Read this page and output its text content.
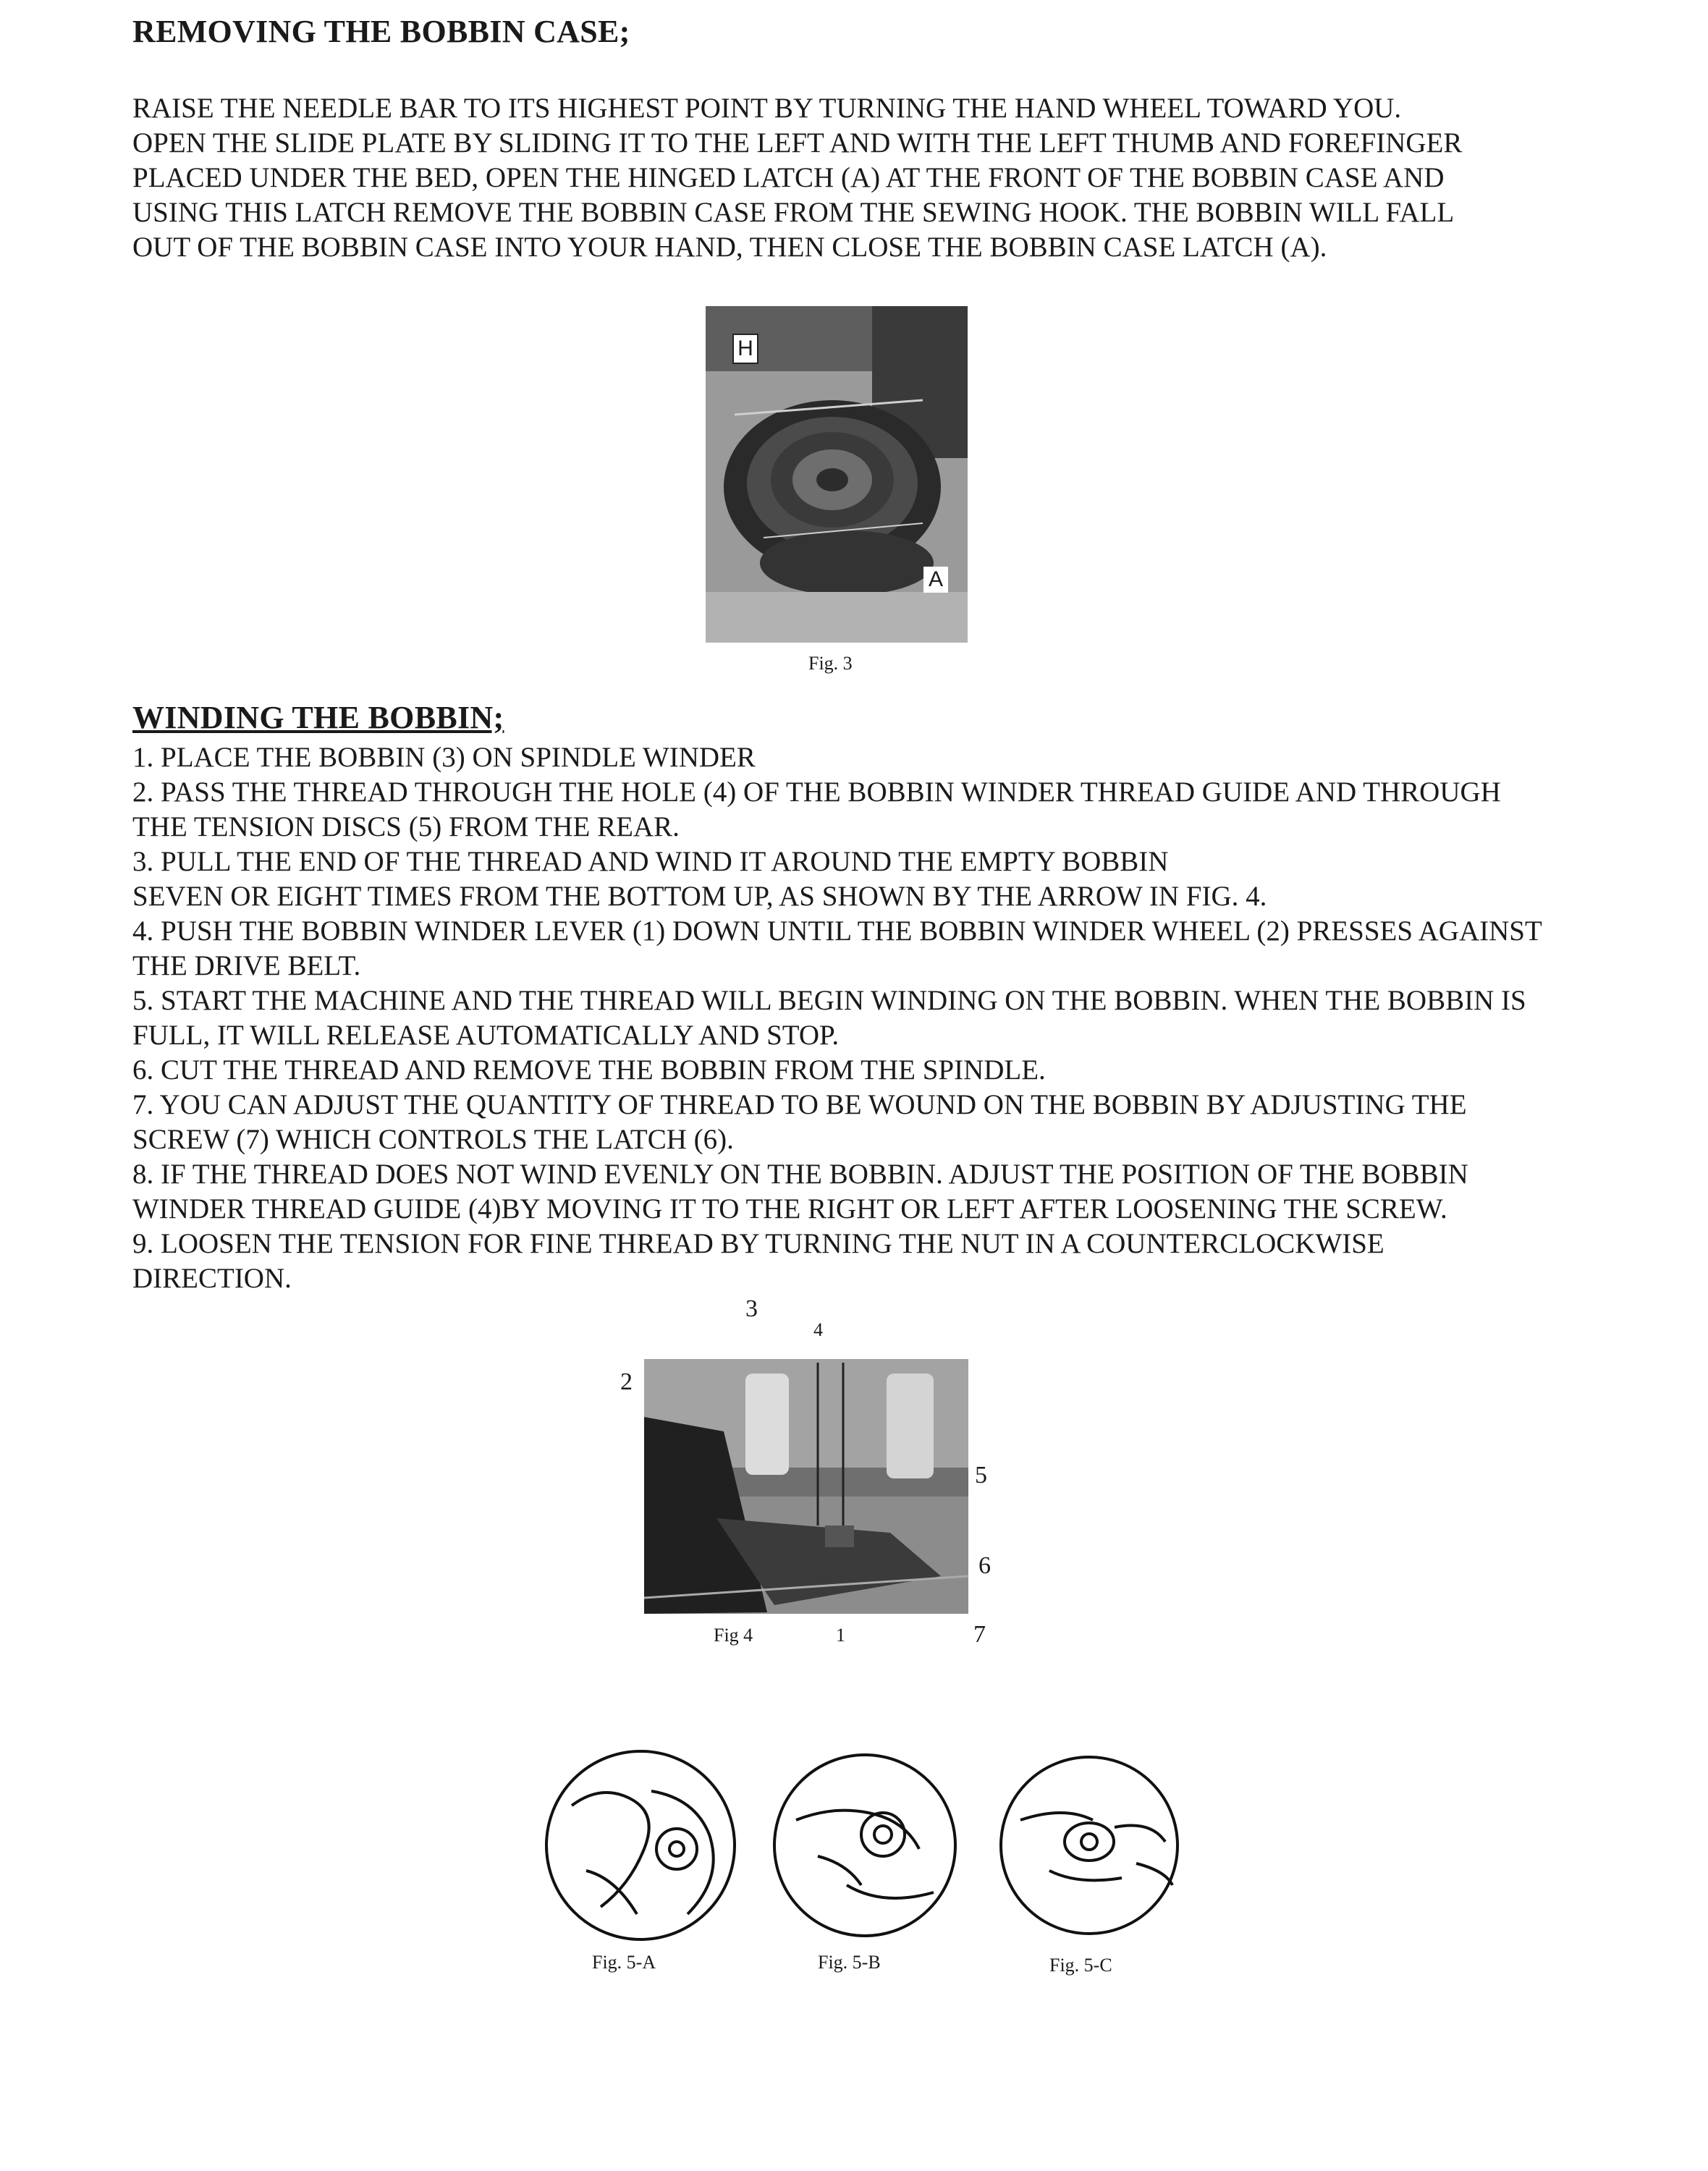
REMOVING THE BOBBIN CASE;
RAISE THE NEEDLE BAR TO ITS HIGHEST POINT BY TURNING THE HAND WHEEL TOWARD YOU.
OPEN THE SLIDE PLATE BY SLIDING IT TO THE LEFT AND WITH THE LEFT THUMB AND FOREFINGER
PLACED UNDER THE BED, OPEN THE HINGED LATCH (A) AT THE FRONT OF THE BOBBIN CASE AND
USING THIS LATCH REMOVE THE BOBBIN CASE FROM THE SEWING HOOK. THE BOBBIN WILL FALL
OUT OF THE BOBBIN CASE INTO YOUR HAND, THEN CLOSE THE BOBBIN CASE LATCH (A).
H
A
Fig. 3
WINDING THE BOBBIN;
1. PLACE THE BOBBIN (3) ON SPINDLE WINDER
2. PASS THE THREAD THROUGH THE HOLE (4) OF THE BOBBIN WINDER THREAD GUIDE AND THROUGH
THE TENSION DISCS (5) FROM THE REAR.
3. PULL THE END OF THE THREAD AND WIND IT AROUND THE EMPTY BOBBIN
SEVEN OR EIGHT TIMES FROM THE BOTTOM UP, AS SHOWN BY THE ARROW IN FIG. 4.
4. PUSH THE BOBBIN WINDER LEVER (1) DOWN UNTIL THE BOBBIN WINDER WHEEL (2) PRESSES AGAINST
THE DRIVE BELT.
5. START THE MACHINE AND THE THREAD WILL BEGIN WINDING ON THE BOBBIN. WHEN THE BOBBIN IS
FULL, IT WILL RELEASE AUTOMATICALLY AND STOP.
6. CUT THE THREAD AND REMOVE THE BOBBIN FROM THE SPINDLE.
7. YOU CAN ADJUST THE QUANTITY OF THREAD TO BE WOUND ON THE BOBBIN BY ADJUSTING THE
SCREW (7) WHICH CONTROLS THE LATCH (6).
8. IF THE THREAD DOES NOT WIND EVENLY ON THE BOBBIN. ADJUST THE POSITION OF THE BOBBIN
WINDER THREAD GUIDE (4)BY MOVING IT TO THE RIGHT OR LEFT AFTER LOOSENING THE SCREW.
9. LOOSEN THE TENSION FOR FINE THREAD BY TURNING THE NUT IN A COUNTERCLOCKWISE
DIRECTION.
3
4
2
5
6
7
1
Fig 4
Fig. 5-A	Fig. 5-B	Fig. 5-C
